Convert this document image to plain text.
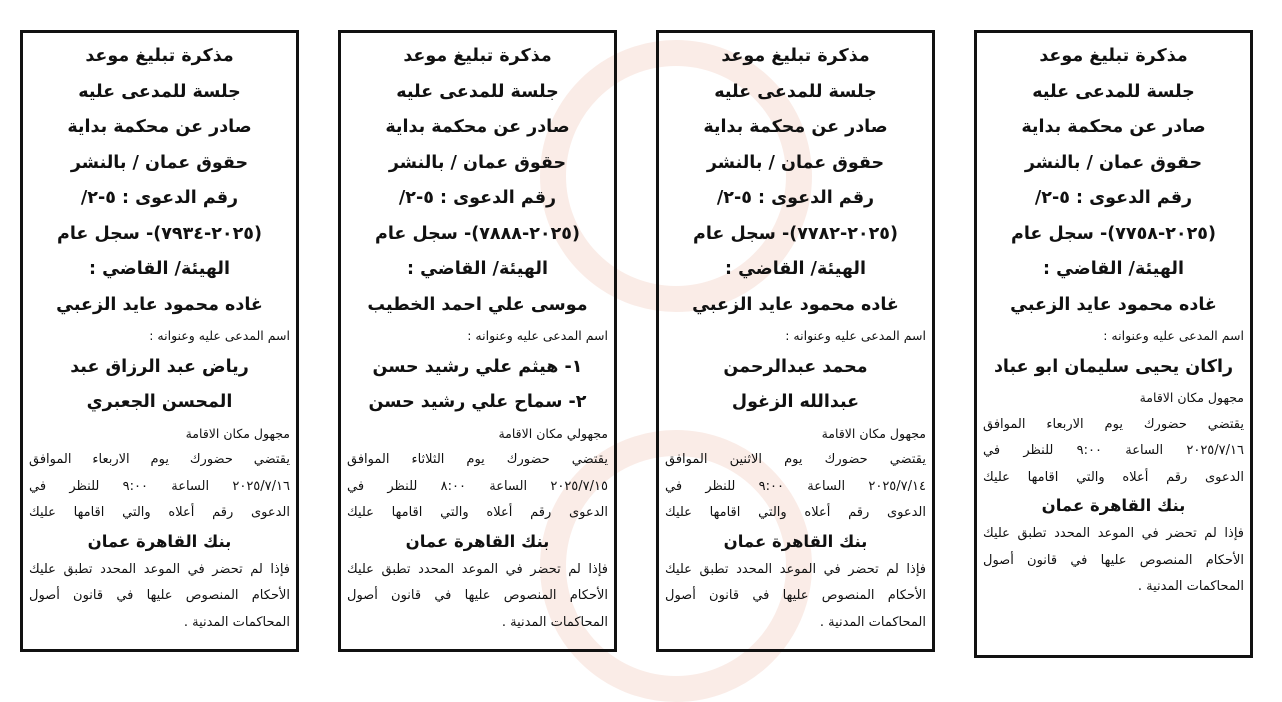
مذكرة تبليغ موعد
جلسة للمدعى عليه
صادر عن محكمة بداية
حقوق عمان / بالنشر
رقم الدعوى : ٥-٢/
(٢٠٢٥-٧٧٥٨)- سجل عام
الهيئة/ القاضي :
غاده محمود عايد الزعبي
اسم المدعى عليه وعنوانه :
راكان يحيى سليمان ابو عباد
مجهول مكان الاقامة
يقتضي حضورك يوم الاربعاء الموافق
٢٠٢٥/٧/١٦ الساعة ٩:٠٠ للنظر في
الدعوى رقم أعلاه والتي اقامها عليك
بنك القاهرة عمان
فإذا لم تحضر في الموعد المحدد تطبق عليك
الأحكام المنصوص عليها في قانون أصول
المحاكمات المدنية .
مذكرة تبليغ موعد
جلسة للمدعى عليه
صادر عن محكمة بداية
حقوق عمان / بالنشر
رقم الدعوى : ٥-٢/
(٢٠٢٥-٧٧٨٢)- سجل عام
الهيئة/ القاضي :
غاده محمود عايد الزعبي
اسم المدعى عليه وعنوانه :
محمد عبدالرحمن
عبدالله الزغول
مجهول مكان الاقامة
يقتضي حضورك يوم الاثنين الموافق
٢٠٢٥/٧/١٤ الساعة ٩:٠٠ للنظر في
الدعوى رقم أعلاه والتي اقامها عليك
بنك القاهرة عمان
فإذا لم تحضر في الموعد المحدد تطبق عليك
الأحكام المنصوص عليها في قانون أصول
المحاكمات المدنية .
مذكرة تبليغ موعد
جلسة للمدعى عليه
صادر عن محكمة بداية
حقوق عمان / بالنشر
رقم الدعوى : ٥-٢/
(٢٠٢٥-٧٨٨٨)- سجل عام
الهيئة/ القاضي :
موسى علي احمد الخطيب
اسم المدعى عليه وعنوانه :
١- هيثم علي رشيد حسن
٢- سماح علي رشيد حسن
مجهولي مكان الاقامة
يقتضي حضورك يوم الثلاثاء الموافق
٢٠٢٥/٧/١٥ الساعة ٨:٠٠ للنظر في
الدعوى رقم أعلاه والتي اقامها عليك
بنك القاهرة عمان
فإذا لم تحضر في الموعد المحدد تطبق عليك
الأحكام المنصوص عليها في قانون أصول
المحاكمات المدنية .
مذكرة تبليغ موعد
جلسة للمدعى عليه
صادر عن محكمة بداية
حقوق عمان / بالنشر
رقم الدعوى : ٥-٢/
(٢٠٢٥-٧٩٣٤)- سجل عام
الهيئة/ القاضي :
غاده محمود عايد الزعبي
اسم المدعى عليه وعنوانه :
رياض عبد الرزاق عبد
المحسن الجعبري
مجهول مكان الاقامة
يقتضي حضورك يوم الاربعاء الموافق
٢٠٢٥/٧/١٦ الساعة ٩:٠٠ للنظر في
الدعوى رقم أعلاه والتي اقامها عليك
بنك القاهرة عمان
فإذا لم تحضر في الموعد المحدد تطبق عليك
الأحكام المنصوص عليها في قانون أصول
المحاكمات المدنية .
